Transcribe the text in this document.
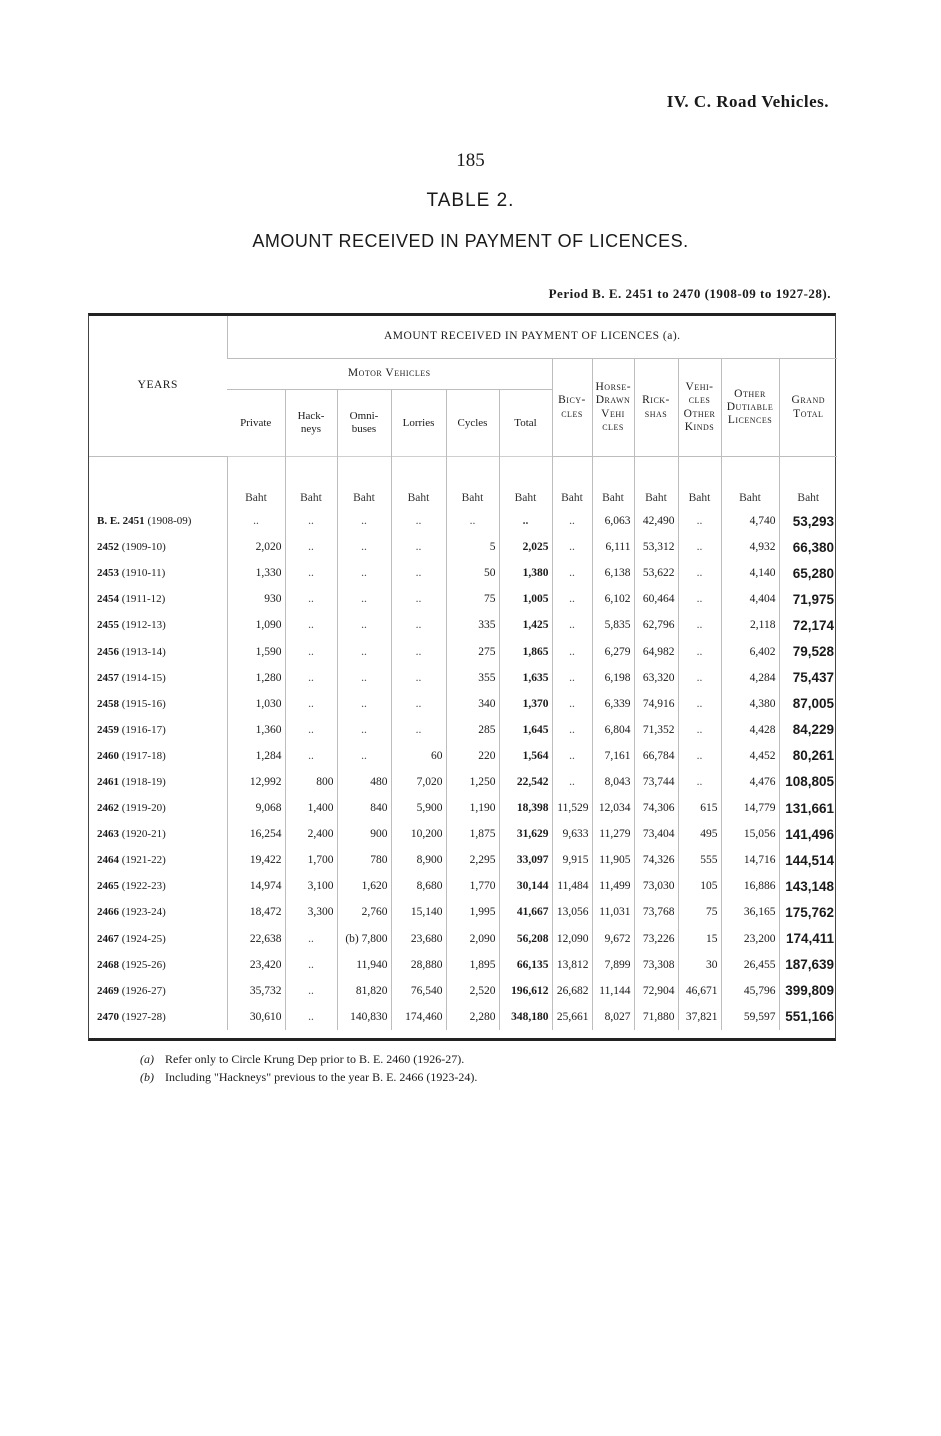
IV. C. Road Vehicles.
185
TABLE 2.
AMOUNT RECEIVED IN PAYMENT OF LICENCES.
Period B. E. 2451 to 2470 (1908-09 to 1927-28).
YEARS	AMOUNT RECEIVED IN PAYMENT OF LICENCES (a).											
	Motor Vehicles						Bicy-cles	Horse-Drawn Vehi cles	Rick-shas	Vehi-cles Other Kinds	Other Dutiable Licences	Grand Total
	Private	Hack-neys	Omni-buses	Lorries	Cycles	Total						
	Baht	Baht	Baht	Baht	Baht	Baht	Baht	Baht	Baht	Baht	Baht	Baht
B. E. 2451 (1908-09)	..	..	..	..	..	..	..	6,063	42,490	..	4,740	53,293
2452 (1909-10)	2,020	..	..	..	5	2,025	..	6,111	53,312	..	4,932	66,380
2453 (1910-11)	1,330	..	..	..	50	1,380	..	6,138	53,622	..	4,140	65,280
2454 (1911-12)	930	..	..	..	75	1,005	..	6,102	60,464	..	4,404	71,975
2455 (1912-13)	1,090	..	..	..	335	1,425	..	5,835	62,796	..	2,118	72,174
2456 (1913-14)	1,590	..	..	..	275	1,865	..	6,279	64,982	..	6,402	79,528
2457 (1914-15)	1,280	..	..	..	355	1,635	..	6,198	63,320	..	4,284	75,437
2458 (1915-16)	1,030	..	..	..	340	1,370	..	6,339	74,916	..	4,380	87,005
2459 (1916-17)	1,360	..	..	..	285	1,645	..	6,804	71,352	..	4,428	84,229
2460 (1917-18)	1,284	..	..	60	220	1,564	..	7,161	66,784	..	4,452	80,261
2461 (1918-19)	12,992	800	480	7,020	1,250	22,542	..	8,043	73,744	..	4,476	108,805
2462 (1919-20)	9,068	1,400	840	5,900	1,190	18,398	11,529	12,034	74,306	615	14,779	131,661
2463 (1920-21)	16,254	2,400	900	10,200	1,875	31,629	9,633	11,279	73,404	495	15,056	141,496
2464 (1921-22)	19,422	1,700	780	8,900	2,295	33,097	9,915	11,905	74,326	555	14,716	144,514
2465 (1922-23)	14,974	3,100	1,620	8,680	1,770	30,144	11,484	11,499	73,030	105	16,886	143,148
2466 (1923-24)	18,472	3,300	2,760	15,140	1,995	41,667	13,056	11,031	73,768	75	36,165	175,762
2467 (1924-25)	22,638	..	(b) 7,800	23,680	2,090	56,208	12,090	9,672	73,226	15	23,200	174,411
2468 (1925-26)	23,420	..	11,940	28,880	1,895	66,135	13,812	7,899	73,308	30	26,455	187,639
2469 (1926-27)	35,732	..	81,820	76,540	2,520	196,612	26,682	11,144	72,904	46,671	45,796	399,809
2470 (1927-28)	30,610	..	140,830	174,460	2,280	348,180	25,661	8,027	71,880	37,821	59,597	551,166
(a) Refer only to Circle Krung Dep prior to B. E. 2460 (1926-27).
(b) Including "Hackneys" previous to the year B. E. 2466 (1923-24).
